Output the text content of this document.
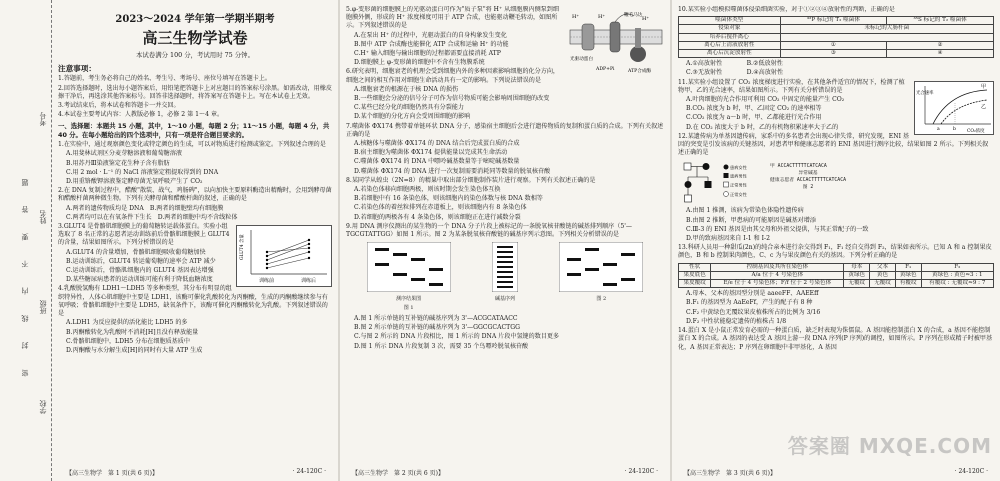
考号
姓名
密 封 线 内 不 要 答 题 班级
学校
2023～2024 学年第一学期半期考
高三生物学试卷
本试卷满分 100 分，考试用时 75 分钟。
注意事项：
1.答题前，考生务必将自己的姓名、考生号、考场号、座位号填写在答题卡上。
2.回答选择题时，选出每小题答案后，用铅笔把答题卡上对应题目的答案标号涂黑。如需改动，用橡皮擦干净后，再选涂其他答案标号。回答非选择题时，将答案写在答题卡上。写在本试卷上无效。
3.考试结束后，将本试卷和答题卡一并交回。
4.本试卷主要考试内容：人教版必修 1，必修 2 第 1～4 章。
一、选择题：本题共 15 小题，其中，1～10 小题，每题 2 分；11～15 小题，每题 4 分，共 40 分。在每小题给出的四个选项中，只有一项是符合题目要求的。
1.在实验中，通过观察颜色变化或特定颜色的生成，可以对物质进行检测或鉴定。下列叙述合理的是
A.用斐林试剂区分麦芽糖溶液和葡萄糖溶液
B.用苏丹Ⅲ染液鉴定花生种子含有脂肪
C.用 2 mol · L⁻¹ 的 NaCl 溶液鉴定粗提取得到的 DNA
D.用重铬酸钾溶液鉴定酵母菌无氧呼吸产生了 CO₂
2.在 DNA 复制过程中，醋酸"散装、战气、鸡肠碑"，以向加快主要原料酶造出精酶时，会用到酵母菌和醋酸杆菌两种微生物。下列有关酵母菌和醋酸杆菌的叙述，正确的是
A.两者的遗传物质均是 DNA　 B.两者的细胞壁均有细胞膜
C.两者均可以在有氧条件下生长　 D.两者的细胞中均不含线粒体
训练前	训练后
GLUT4 含量
3.GLUT4 是骨骼肌细胞膜上的葡萄糖转运载体蛋白。实验小组选取了 8 名正常的志愿者运动训练前后骨骼肌细胞膜上 GLUT4 的含量，结果如图所示。下列分析错误的是
A.GLUT4 的含量增加，骨骼肌细胞吸收葡萄糖加快
B.运动训练后，GLUT4 转运葡萄糖的速率会 ATP 减少
C.运动训练后，骨骼肌细胞内的 GLUT4 基因表达增强
D.某些糖尿病患者的运动训练可能有利于降低血糖浓度
4.乳酸脱氢酶有 LDH1～LDH5 等多种类型，其分布有明显的组织特异性，人体心肌细胞中主要是 LDH1，该酶可催化乳酸转化为丙酮酸，生成的丙酮酸继续参与有氧呼吸；骨骼肌细胞中主要是 LDH5，缺氧条件下，该酶可催化丙酮酸转化为乳酸。下列叙述错误的是
A.LDH1 为反应提供的活化能比 LDH5 的多
B.丙酮酸转化为乳酸时不消耗[H]且没有释放能量
C.骨骼肌细胞中，LDH5 分布在细胞质基质中
D.丙酮酸与水分解生成[H]的同时有大量 ATP 生成
【高三生物学　第 1 页(共 6 页)】	· 24-120C ·
H⁺	H⁺	H⁺
光驱动蛋白
鞭毛马达
ATP合成酶
ADP+Pi
5.φ-变形菌的细胞膜上的光驱动蛋白可作为"质子泵"将 H⁺ 从细胞膜内侧泵到细胞膜外侧，形成的 H⁺ 浓度梯度可用于 ATP 合成，也能驱动鞭毛转动，如图所示。下列叙述错误的是
A.在泵出 H⁺ 的过程中，光驱动蛋白的自身构象发生变化
B.图中 ATP 合成酶也能催化 ATP 合成和运输 H⁺ 的功能
C.H⁺ 输入细胞与输出细胞的过程都需要直接消耗 ATP
D.细胞膜上 φ-变形菌的细胞中不含有生物膜系统
6.研究表明，细胞衰老的机理会受到细胞内外的多种因素影响细胞的化分方向，细胞之间的相互作用对细胞生命活动具有一定的影响。下列说法错误的是
A.细胞衰老的根源在于核 DNA 的损伤
B.一些细胞会分泌的信号分子可作为信号物质可能会影响周围细胞的改变
C.某些已经分化的细胞仍然具有分裂能力
D.某个细胞的分化方向会受周围细胞的影响
7.噬菌体 ΦX174 携带着单链环状 DNA 分子，感染宿主细胞后会进行遗传物质的复制和蛋白质的合成。下列有关叙述正确的是
A.核糖体与噬菌体 ΦX174 的 DNA 结合后完成蛋白质的合成
B.宿主细胞为噬菌体 ΦX174 提供能量以完成其生命活动
C.噬菌体 ΦX174 的 DNA 中嘌呤碱基数量等于嘧啶碱基数量
D.噬菌体 ΦX174 的 DNA 进行一次复制需要消耗同等数量的脱氧核苷酸
8.某同学从蝗虫（2N=8）的精巢中取出部分细胞制作装片进行观察。下列有关叙述正确的是
A.若染色体移向细胞两极，则该时期会发生染色体互换
B.若细胞中有 16 条染色体，则该细胞内的染色体数与核 DNA 数相等
C.若染色体的着丝粒排列在赤道板上，则该细胞内有 8 条染色体
D.若细胞的两极各有 4 条染色体，则该细胞正在进行减数分裂
9.用 DNA 测序仪测出的某生物的一个 DNA 分子片段上被标记的一条脱氧核苷酸链的碱基排列顺序（5'—TGCGTATTGG）如图 1 所示。图 2 为某条脱氧核苷酸链的碱基序列示意图。下列相关分析错误的是
测序结果图
图 1
碱基序列	图 2
A.图 1 所示单链的互补链的碱基序列为 3'—ACGCATAACC
B.图 2 所示单链的互补链的碱基序列为 3'—GGCGCACTGG
C.与图 2 所示的 DNA 片段相比，图 1 所示的 DNA 片段中氢键的数目更多
D.图 1 所示 DNA 片段复制 3 次，需要 35 个鸟嘌呤脱氧核苷酸
【高三生物学　第 2 页(共 6 页)】	· 24-120C ·
10.某实验小组模拟噬菌体侵染细菌实验，对于①②③④放射性的判断，正确的是
噬菌体类型	³²P 标记的 T₂ 噬菌体	³⁵S 标记的 T₂ 噬菌体
侵染对象	未标记的大肠杆菌	
培养后搅拌离心		
离心后上清液放射性	①	②
离心后沉淀放射性	③	④
A.①高放射性　　　　	B.②低放射性
C.③无放射性　　　　	D.④高放射性
甲
乙
a	b	CO₂浓度
光合速率
11.某实验小组设置了 CO₂ 浓度梯度进行实验，在其他条件适宜的情况下，检测了植物甲、乙的光合速率，结果如图所示。下列有关分析错误的是
A.叶肉细胞的光合作用可利用 CO₂ 中固定的能量产生 CO₂
B.CO₂ 浓度为 b 时，甲、乙固定 CO₂ 的速率相等
C.CO₂ 浓度为 a～b 时，甲、乙都能进行光合作用
D.在 CO₂ 浓度大于 b 时，乙的有机物积累速率大于乙的
12.某遗传病为单基因遗传病，家系中的多名患者会出现心律失常，研究发现，ENI 基因的突变是引发该病的关键基因，对患者甲和健康志愿者的 ENI 基因进行测序比较，结果如图 2 所示。下列相关叙述正确的是
患病女性
患病男性
正常男性
正常女性
甲 ACCACTTTTTCATCACA
异常碱基
健康志愿者 ACCACTTTTTCATCACA
图 2
A.由图 1 推测，该病为常染色体隐性遗传病
B.由图 2 推断，甲患病的可能原因是碱基对增添
C.Ⅲ-3 的 ENI 基因是由其父母和外祖父提供，与其正常配子的一致
D.甲的致病基因来自 I-1 和 I-2
13.科研人员用一种甜瓜(2n)的纯合亲本进行杂交得到 F₁，F₁ 经自交得到 F₂，结果如表所示。已知 A 和 a 控制果皮颜色，B 和 b 控制果肉颜色，C、c 为与果皮颜色有关的基因。下列分析正确的是
性状	控制基因及其所在染色体	母本	父本	F₁	F₂
果皮底色	A/a 位于 4 号染色体	黄绿色	黄色	黄绿色	黄绿色 : 黄色≈3 : 1
果皮覆纹	E/e 位于 4 号染色体；F/f 位于 2 号染色体	无覆纹	无覆纹	有覆纹	有覆纹 : 无覆纹≈9 : 7
A.母本、父本的基因型分别是 aaeeFF、AAEEff
B.F₁ 的基因型为 AaEeFf，产生的配子有 8 种
C.F₂ 中黄绿色无覆纹果皮植株所占的比例为 3/16
D.F₂ 中性状能稳定遗传的植株占 1/8
14.蛋白 X 是小鼠正常发育必需的一种蛋白质，缺乏时表现为侏儒鼠。A 基因能控制蛋白 X 的合成，a 基因不能控制蛋白 X 的合成。A 基因的表达受 A 基因上游一段 DNA 序列(P 序列)的调控，如图所示。P 序列在形成精子时被甲基化，A 基因正常表达；P 序列在卵细胞中非甲基化，A 基因
答案圈 MXQE.COM
【高三生物学　第 3 页(共 6 页)】	· 24-120C ·
